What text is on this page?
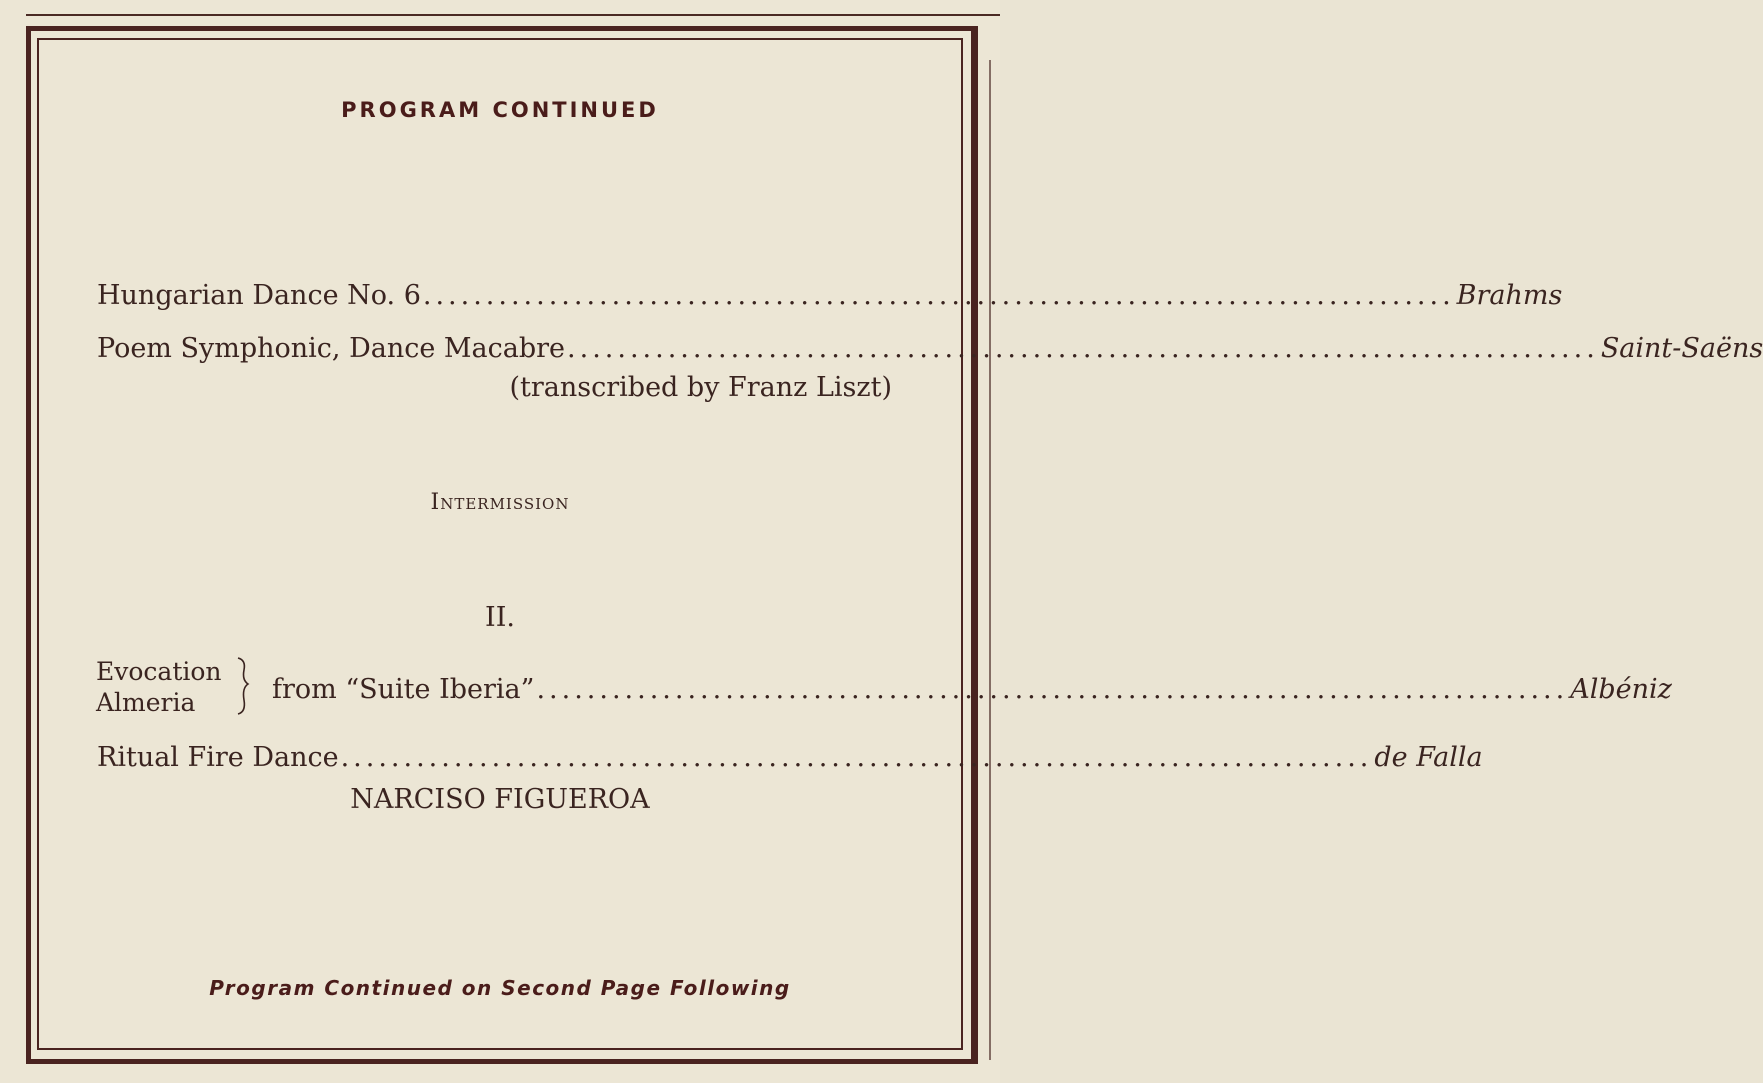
PROGRAM CONTINUED
Hungarian Dance No. 6 .................................................................................. Brahms
Poem Symphonic, Dance Macabre .................................................................................. Saint-Saëns
(transcribed by Franz Liszt)
Intermission
II.
Evocation
Almeria	from “Suite Iberia” .................................................................................. Albéniz
Ritual Fire Dance .................................................................................. de Falla
NARCISO FIGUEROA
Program Continued on Second Page Following
